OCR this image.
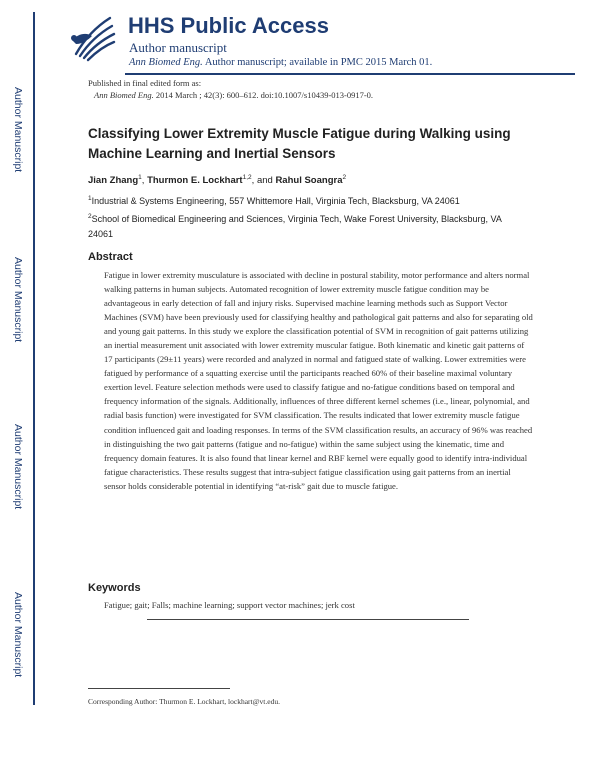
Author Manuscript
Author Manuscript
Author Manuscript
Author Manuscript
HHS Public Access
Author manuscript
Ann Biomed Eng. Author manuscript; available in PMC 2015 March 01.
Published in final edited form as:
Ann Biomed Eng. 2014 March ; 42(3): 600–612. doi:10.1007/s10439-013-0917-0.
Classifying Lower Extremity Muscle Fatigue during Walking using Machine Learning and Inertial Sensors
Jian Zhang$^1$, Thurmon E. Lockhart$^{1,2}$, and Rahul Soangra$^2$
$^1$Industrial & Systems Engineering, 557 Whittemore Hall, Virginia Tech, Blacksburg, VA 24061
$^2$School of Biomedical Engineering and Sciences, Virginia Tech, Wake Forest University, Blacksburg, VA 24061
Abstract

Fatigue in lower extremity musculature is associated with decline in postural stability, motor performance and alters normal walking patterns in human subjects. Automated recognition of lower extremity muscle fatigue condition may be advantageous in early detection of fall and injury risks. Supervised machine learning methods such as Support Vector Machines (SVM) have been previously used for classifying healthy and pathological gait patterns and also for separating old and young gait patterns. In this study we explore the classification potential of SVM in recognition of gait patterns utilizing an inertial measurement unit associated with lower extremity muscular fatigue. Both kinematic and kinetic gait patterns of 17 participants (29±11 years) were recorded and analyzed in normal and fatigued state of walking. Lower extremities were fatigued by performance of a squatting exercise until the participants reached 60% of their baseline maximal voluntary exertion level. Feature selection methods were used to classify fatigue and no-fatigue conditions based on temporal and frequency information of the signals. Additionally, influences of three different kernel schemes (i.e., linear, polynomial, and radial basis function) were investigated for SVM classification. The results indicated that lower extremity muscle fatigue condition influenced gait and loading responses. In terms of the SVM classification results, an accuracy of 96% was reached in distinguishing the two gait patterns (fatigue and no-fatigue) within the same subject using the kinematic, time and frequency domain features. It is also found that linear kernel and RBF kernel were equally good to identify intra-individual fatigue characteristics. These results suggest that intra-subject fatigue classification using gait patterns from an inertial sensor holds considerable potential in identifying “at-risk” gait due to muscle fatigue.

Keywords
Fatigue; gait; Falls; machine learning; support vector machines; jerk cost
Corresponding Author: Thurmon E. Lockhart, lockhart@vt.edu.
